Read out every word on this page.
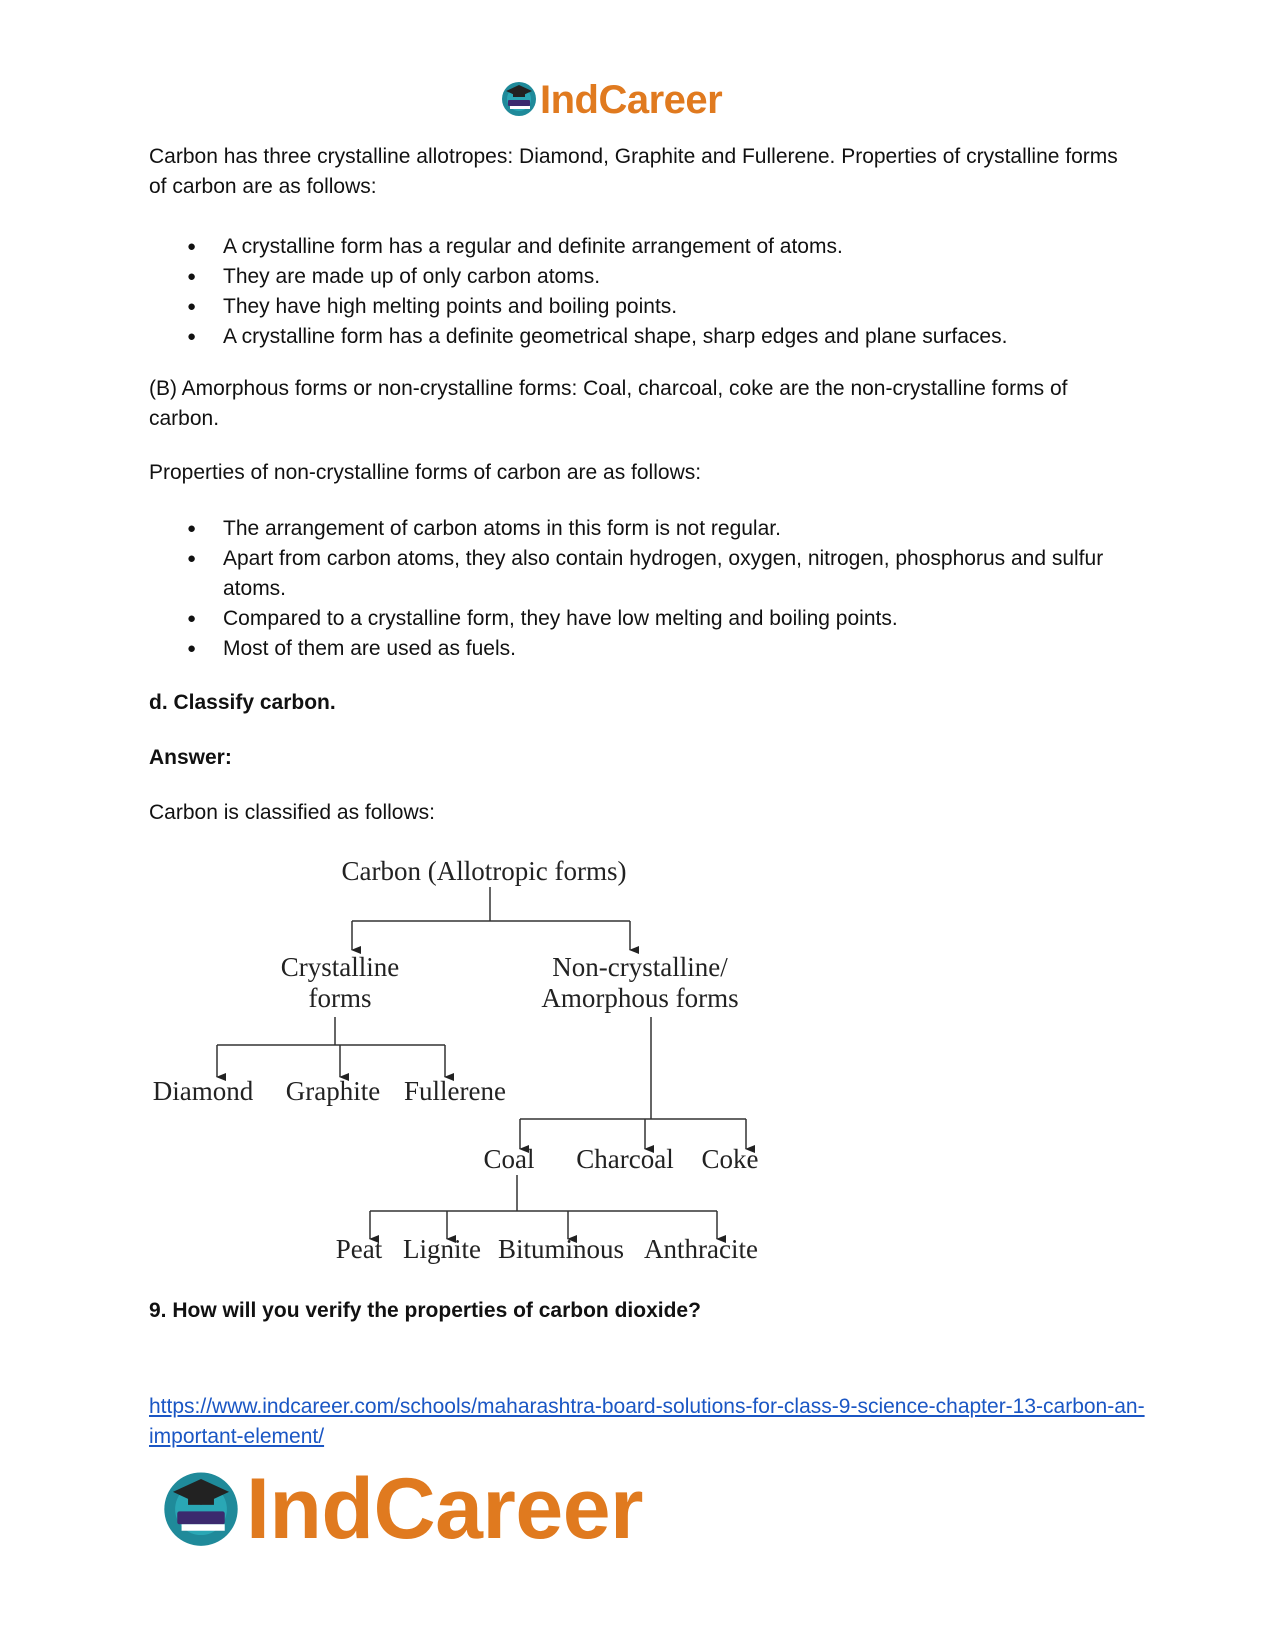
IndCareer

Carbon has three crystalline allotropes: Diamond, Graphite and Fullerene. Properties of crystalline forms of carbon are as follows:

● A crystalline form has a regular and definite arrangement of atoms.
● They are made up of only carbon atoms.
● They have high melting points and boiling points.
● A crystalline form has a definite geometrical shape, sharp edges and plane surfaces.

(B) Amorphous forms or non-crystalline forms: Coal, charcoal, coke are the non-crystalline forms of carbon.

Properties of non-crystalline forms of carbon are as follows:

● The arrangement of carbon atoms in this form is not regular.
● Apart from carbon atoms, they also contain hydrogen, oxygen, nitrogen, phosphorus and sulfur atoms.
● Compared to a crystalline form, they have low melting and boiling points.
● Most of them are used as fuels.

d. Classify carbon.

Answer:

Carbon is classified as follows:

Carbon (Allotropic forms)
Crystalline
forms
Non-crystalline/
Amorphous forms
Diamond Graphite Fullerene
Coal Charcoal Coke
Peat Lignite Bituminous Anthracite

9. How will you verify the properties of carbon dioxide?

https://www.indcareer.com/schools/maharashtra-board-solutions-for-class-9-science-chapter-13-carbon-an-important-element/
IndCareer
